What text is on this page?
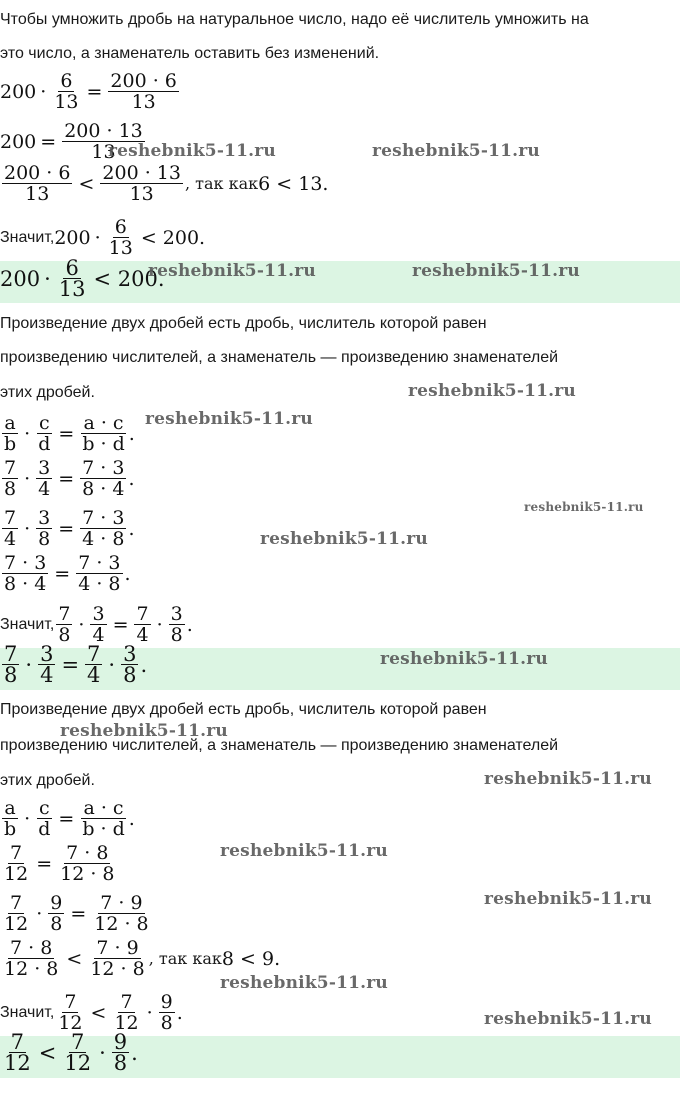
Чтобы умножить дробь на натуральное число, надо её числитель умножить на
это число, а знаменатель оставить без изменений.
$200 \cdot \frac{6}{13} = \frac{200 \cdot 6}{13}$
$200 = \frac{200 \cdot 13}{13}$
$\frac{200 \cdot 6}{13} < \frac{200 \cdot 13}{13}$ , так как 6 < 13.
Значит, $200 \cdot \frac{6}{13} < 200$.
$200 \cdot \frac{6}{13} < 200$.
Произведение двух дробей есть дробь, числитель которой равен
произведению числителей, а знаменатель — произведению знаменателей
этих дробей.
$\frac{a}{b} \cdot \frac{c}{d} = \frac{a \cdot c}{b \cdot d}$ .
$\frac{7}{8} \cdot \frac{3}{4} = \frac{7 \cdot 3}{8 \cdot 4}$ .
$\frac{7}{4} \cdot \frac{3}{8} = \frac{7 \cdot 3}{4 \cdot 8}$ .
$\frac{7 \cdot 3}{8 \cdot 4} = \frac{7 \cdot 3}{4 \cdot 8}$ .
Значит, $\frac{7}{8} \cdot \frac{3}{4} = \frac{7}{4} \cdot \frac{3}{8}$ .
$\frac{7}{8} \cdot \frac{3}{4} = \frac{7}{4} \cdot \frac{3}{8}$ .
Произведение двух дробей есть дробь, числитель которой равен
произведению числителей, а знаменатель — произведению знаменателей
этих дробей.
$\frac{a}{b} \cdot \frac{c}{d} = \frac{a \cdot c}{b \cdot d}$ .
$\frac{7}{12} = \frac{7 \cdot 8}{12 \cdot 8}$
$\frac{7}{12} \cdot \frac{9}{8} = \frac{7 \cdot 9}{12 \cdot 8}$
$\frac{7 \cdot 8}{12 \cdot 8} < \frac{7 \cdot 9}{12 \cdot 8}$ , так как 8 < 9.
Значит, $\frac{7}{12} < \frac{7}{12} \cdot \frac{9}{8}$ .
$\frac{7}{12} < \frac{7}{12} \cdot \frac{9}{8}$ .
reshebnik5-11.ru	reshebnik5-11.ru
reshebnik5-11.ru	reshebnik5-11.ru
reshebnik5-11.ru
reshebnik5-11.ru
reshebnik5-11.ru
reshebnik5-11.ru
reshebnik5-11.ru
reshebnik5-11.ru
reshebnik5-11.ru
reshebnik5-11.ru
reshebnik5-11.ru
reshebnik5-11.ru
reshebnik5-11.ru
